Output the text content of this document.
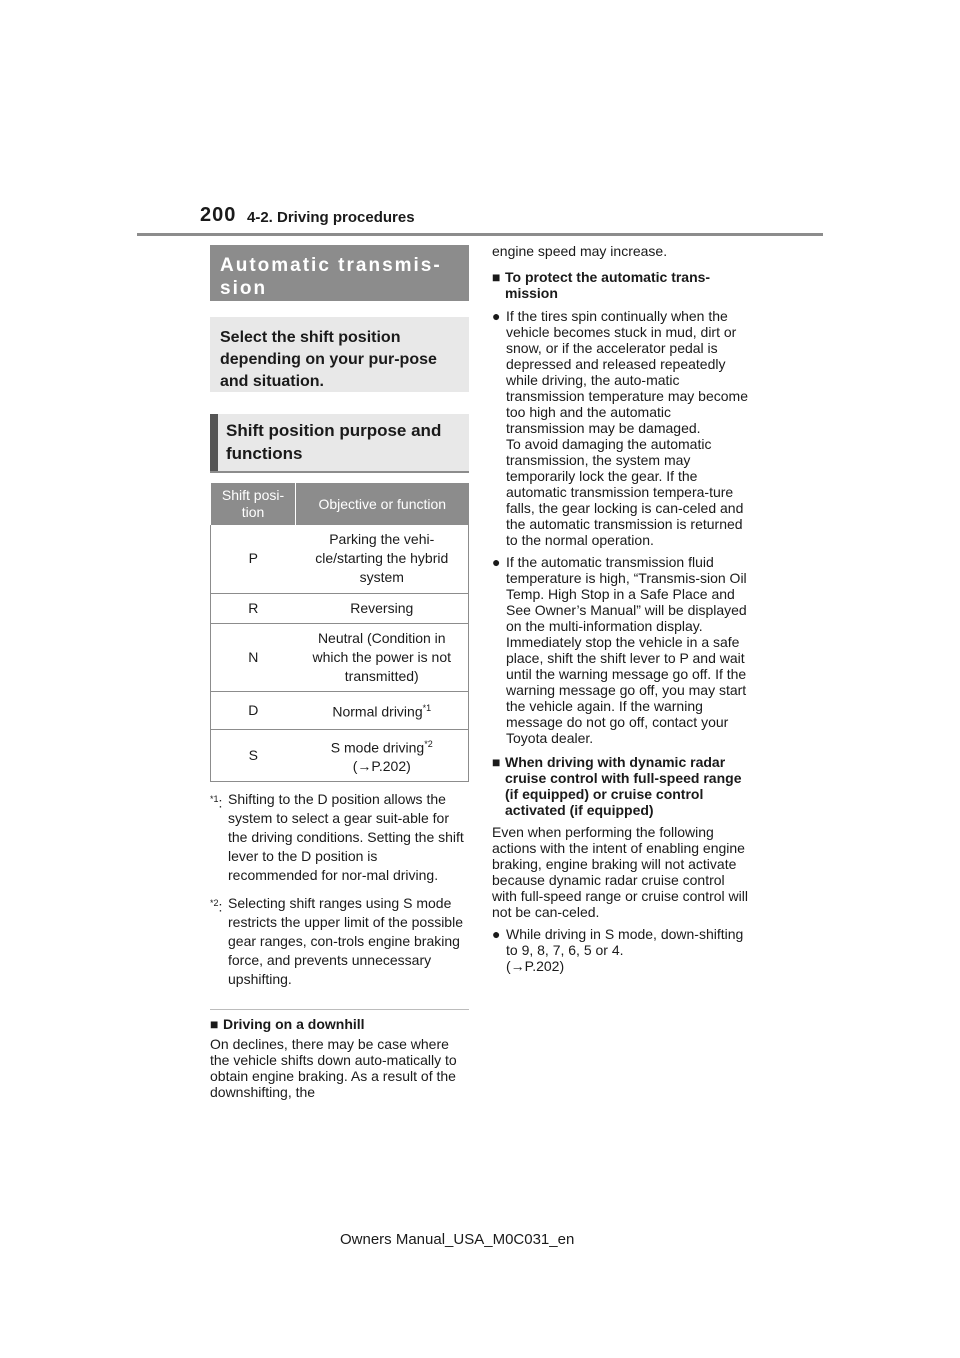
200 4-2. Driving procedures
Automatic transmis-
sion
Select the shift position depending on your pur-pose and situation.
Shift position purpose and functions
Shift posi-tion	Objective or function
P	Parking the vehi-cle/starting the hybrid system
R	Reversing
N	Neutral (Condition in which the power is not transmitted)
D	Normal driving$^{*1}$
S	S mode driving$^{*2}$
(→P.202)
$^{*1}$: Shifting to the D position allows the system to select a gear suit-able for the driving conditions. Setting the shift lever to the D position is recommended for nor-mal driving.
$^{*2}$: Selecting shift ranges using S mode restricts the upper limit of the possible gear ranges, con-trols engine braking force, and prevents unnecessary upshifting.
■ Driving on a downhill
On declines, there may be case where the vehicle shifts down auto-matically to obtain engine braking. As a result of the downshifting, the
engine speed may increase.
■ To protect the automatic trans-mission
● If the tires spin continually when the vehicle becomes stuck in mud, dirt or snow, or if the accelerator pedal is depressed and released repeatedly while driving, the auto-matic transmission temperature may become too high and the automatic transmission may be damaged.
To avoid damaging the automatic transmission, the system may temporarily lock the gear. If the automatic transmission tempera-ture falls, the gear locking is can-celed and the automatic transmission is returned to the normal operation.
● If the automatic transmission fluid temperature is high, “Transmis-sion Oil Temp. High Stop in a Safe Place and See Owner’s Manual” will be displayed on the multi-information display. Immediately stop the vehicle in a safe place, shift the shift lever to P and wait until the warning message go off. If the warning message go off, you may start the vehicle again. If the warning message do not go off, contact your Toyota dealer.
■ When driving with dynamic radar cruise control with full-speed range (if equipped) or cruise control activated (if equipped)
Even when performing the following actions with the intent of enabling engine braking, engine braking will not activate because dynamic radar cruise control with full-speed range or cruise control will not be can-celed.
● While driving in S mode, down-shifting to 9, 8, 7, 6, 5 or 4.
(→P.202)
Owners Manual_USA_M0C031_en
